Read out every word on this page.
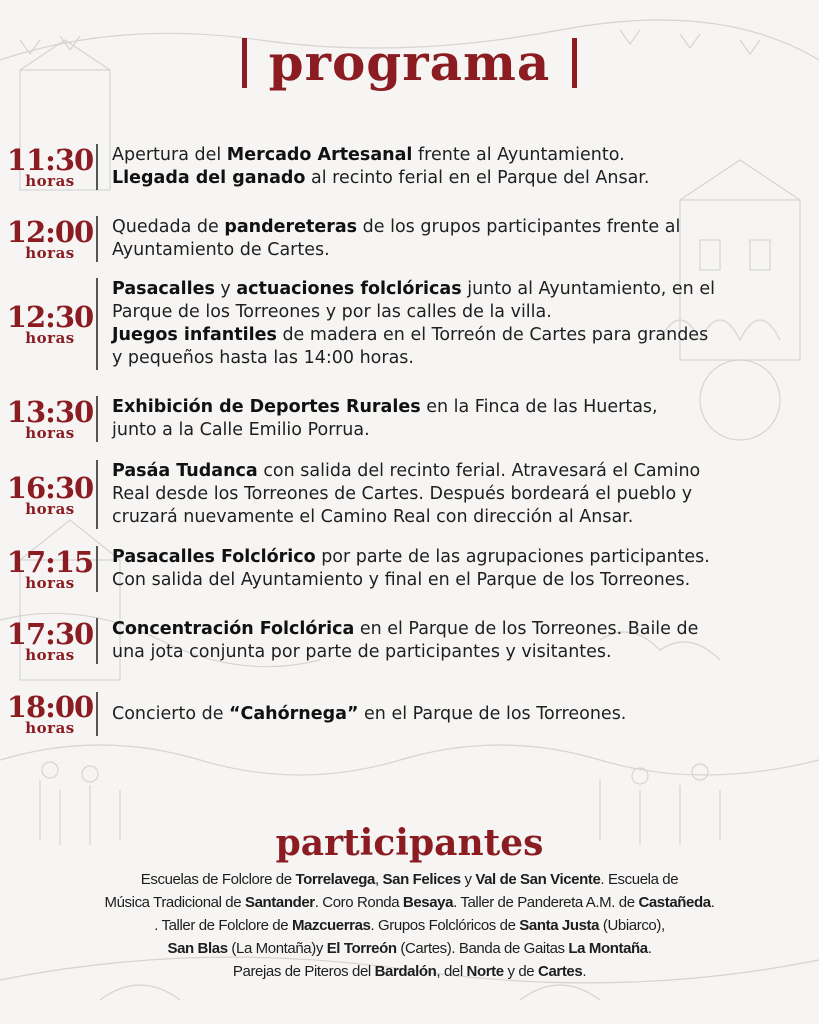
programa
11:30
horas
Apertura del Mercado Artesanal frente al Ayuntamiento.
Llegada del ganado al recinto ferial en el Parque del Ansar.
12:00
horas
Quedada de pandereteras de los grupos participantes frente al
Ayuntamiento de Cartes.
12:30
horas
Pasacalles y actuaciones folclóricas junto al Ayuntamiento, en el
Parque de los Torreones y por las calles de la villa.
Juegos infantiles de madera en el Torreón de Cartes para grandes
y pequeños hasta las 14:00 horas.
13:30
horas
Exhibición de Deportes Rurales en la Finca de las Huertas,
junto a la Calle Emilio Porrua.
16:30
horas
Pasáa Tudanca con salida del recinto ferial. Atravesará el Camino
Real desde los Torreones de Cartes. Después bordeará el pueblo y
cruzará nuevamente el Camino Real con dirección al Ansar.
17:15
horas
Pasacalles Folclórico por parte de las agrupaciones participantes.
Con salida del Ayuntamiento y final en el Parque de los Torreones.
17:30
horas
Concentración Folclórica en el Parque de los Torreones. Baile de
una jota conjunta por parte de participantes y visitantes.
18:00
horas
Concierto de “Cahórnega” en el Parque de los Torreones.
participantes
Escuelas de Folclore de Torrelavega, San Felices y Val de San Vicente. Escuela de
Música Tradicional de Santander. Coro Ronda Besaya. Taller de Pandereta A.M. de Castañeda.
. Taller de Folclore de Mazcuerras. Grupos Folclóricos de Santa Justa (Ubiarco),
San Blas (La Montaña)y El Torreón (Cartes). Banda de Gaitas La Montaña.
Parejas de Piteros del Bardalón, del Norte y de Cartes.
